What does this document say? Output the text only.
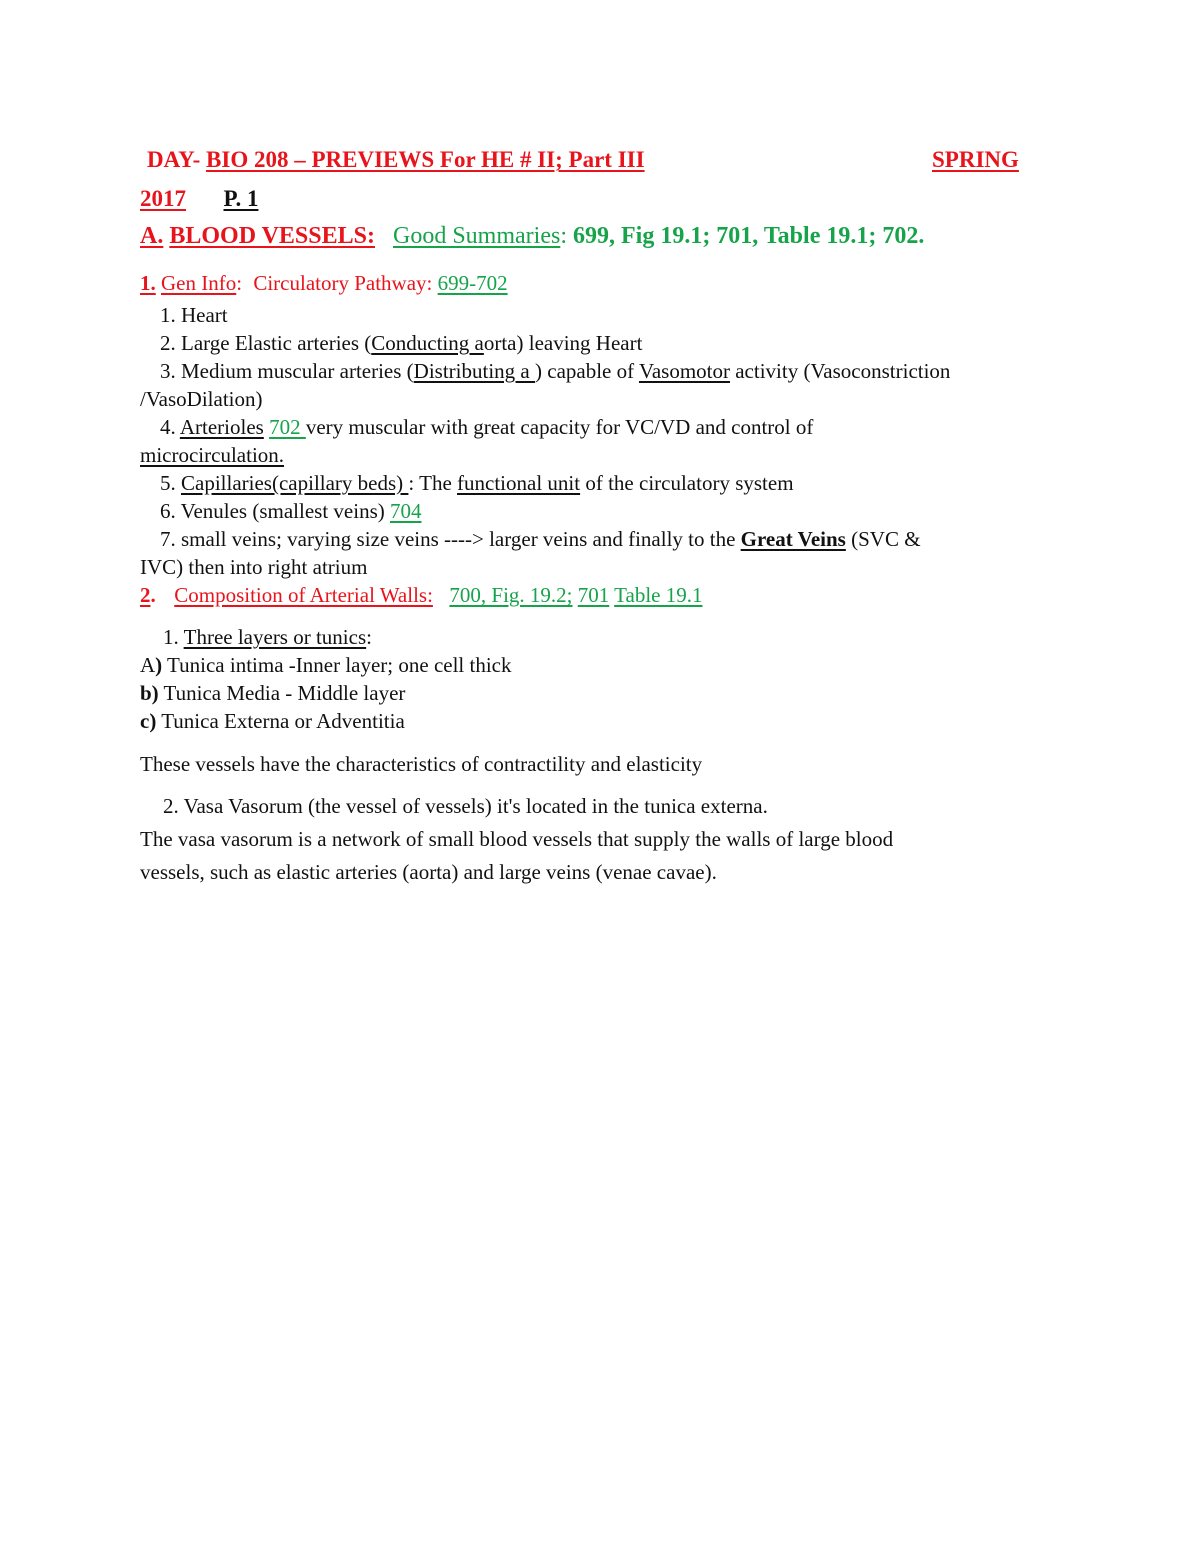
DAY- BIO 208 – PREVIEWS For HE # II; Part III	SPRING
2017 P. 1
A. BLOOD VESSELS: Good Summaries: 699, Fig 19.1; 701, Table 19.1; 702.
1. Gen Info: Circulatory Pathway: 699-702
1. Heart
2. Large Elastic arteries (Conducting aorta) leaving Heart
3. Medium muscular arteries (Distributing a ) capable of Vasomotor activity (Vasoconstriction
/VasoDilation)
4. Arterioles 702 very muscular with great capacity for VC/VD and control of
microcirculation.
5. Capillaries(capillary beds) : The functional unit of the circulatory system
6. Venules (smallest veins) 704
7. small veins; varying size veins ----> larger veins and finally to the Great Veins (SVC &
IVC) then into right atrium
2. Composition of Arterial Walls: 700, Fig. 19.2; 701 Table 19.1
1. Three layers or tunics:
A) Tunica intima -Inner layer; one cell thick
b) Tunica Media - Middle layer
c) Tunica Externa or Adventitia
These vessels have the characteristics of contractility and elasticity
2. Vasa Vasorum (the vessel of vessels) it's located in the tunica externa.
The vasa vasorum is a network of small blood vessels that supply the walls of large blood
vessels, such as elastic arteries (aorta) and large veins (venae cavae).
